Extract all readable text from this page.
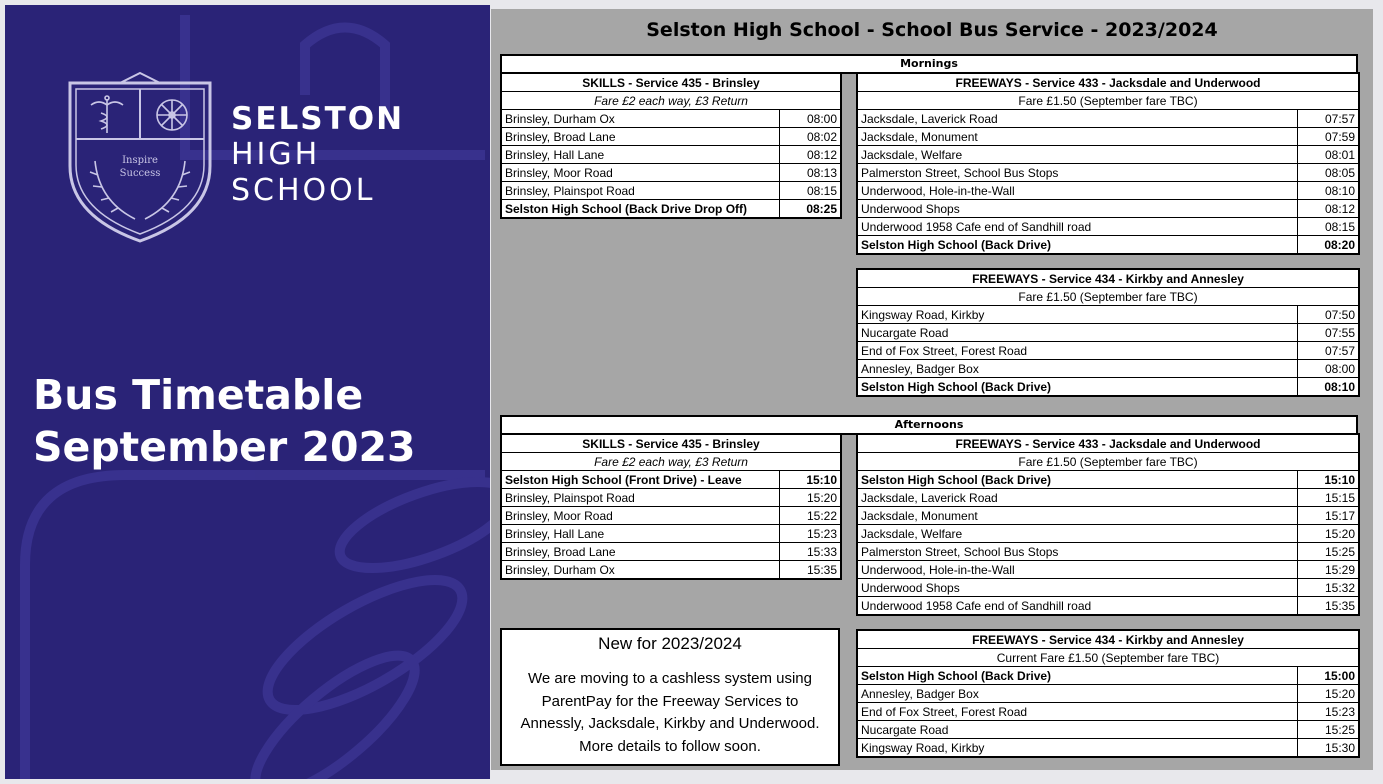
Inspire
Success
SELSTON
HIGH
SCHOOL
Bus Timetable
September 2023
Selston High School - School Bus Service - 2023/2024
Mornings
SKILLS - Service 435 - Brinsley	
Fare £2 each way, £3 Return	
Brinsley, Durham Ox	08:00
Brinsley, Broad Lane	08:02
Brinsley, Hall Lane	08:12
Brinsley, Moor Road	08:13
Brinsley, Plainspot Road	08:15
Selston High School (Back Drive Drop Off)	08:25
FREEWAYS - Service 433 - Jacksdale and Underwood	
Fare £1.50 (September fare TBC)	
Jacksdale, Laverick Road	07:57
Jacksdale, Monument	07:59
Jacksdale, Welfare	08:01
Palmerston Street, School Bus Stops	08:05
Underwood, Hole-in-the-Wall	08:10
Underwood Shops	08:12
Underwood 1958 Cafe end of Sandhill road	08:15
Selston High School (Back Drive)	08:20
FREEWAYS - Service 434 - Kirkby and Annesley	
Fare £1.50 (September fare TBC)	
Kingsway Road, Kirkby	07:50
Nucargate Road	07:55
End of Fox Street, Forest Road	07:57
Annesley, Badger Box	08:00
Selston High School (Back Drive)	08:10
Afternoons
SKILLS - Service 435 - Brinsley	
Fare £2 each way, £3 Return	
Selston High School (Front Drive) - Leave	15:10
Brinsley, Plainspot Road	15:20
Brinsley, Moor Road	15:22
Brinsley, Hall Lane	15:23
Brinsley, Broad Lane	15:33
Brinsley, Durham Ox	15:35
FREEWAYS - Service 433 - Jacksdale and Underwood	
Fare £1.50 (September fare TBC)	
Selston High School (Back Drive)	15:10
Jacksdale, Laverick Road	15:15
Jacksdale, Monument	15:17
Jacksdale, Welfare	15:20
Palmerston Street, School Bus Stops	15:25
Underwood, Hole-in-the-Wall	15:29
Underwood Shops	15:32
Underwood 1958 Cafe end of Sandhill road	15:35
FREEWAYS - Service 434 - Kirkby and Annesley	
Current Fare £1.50 (September fare TBC)	
Selston High School (Back Drive)	15:00
Annesley, Badger Box	15:20
End of Fox Street, Forest Road	15:23
Nucargate Road	15:25
Kingsway Road, Kirkby	15:30
New for 2023/2024
We are moving to a cashless system using ParentPay for the Freeway Services to Annessly, Jacksdale, Kirkby and Underwood. More details to follow soon.
